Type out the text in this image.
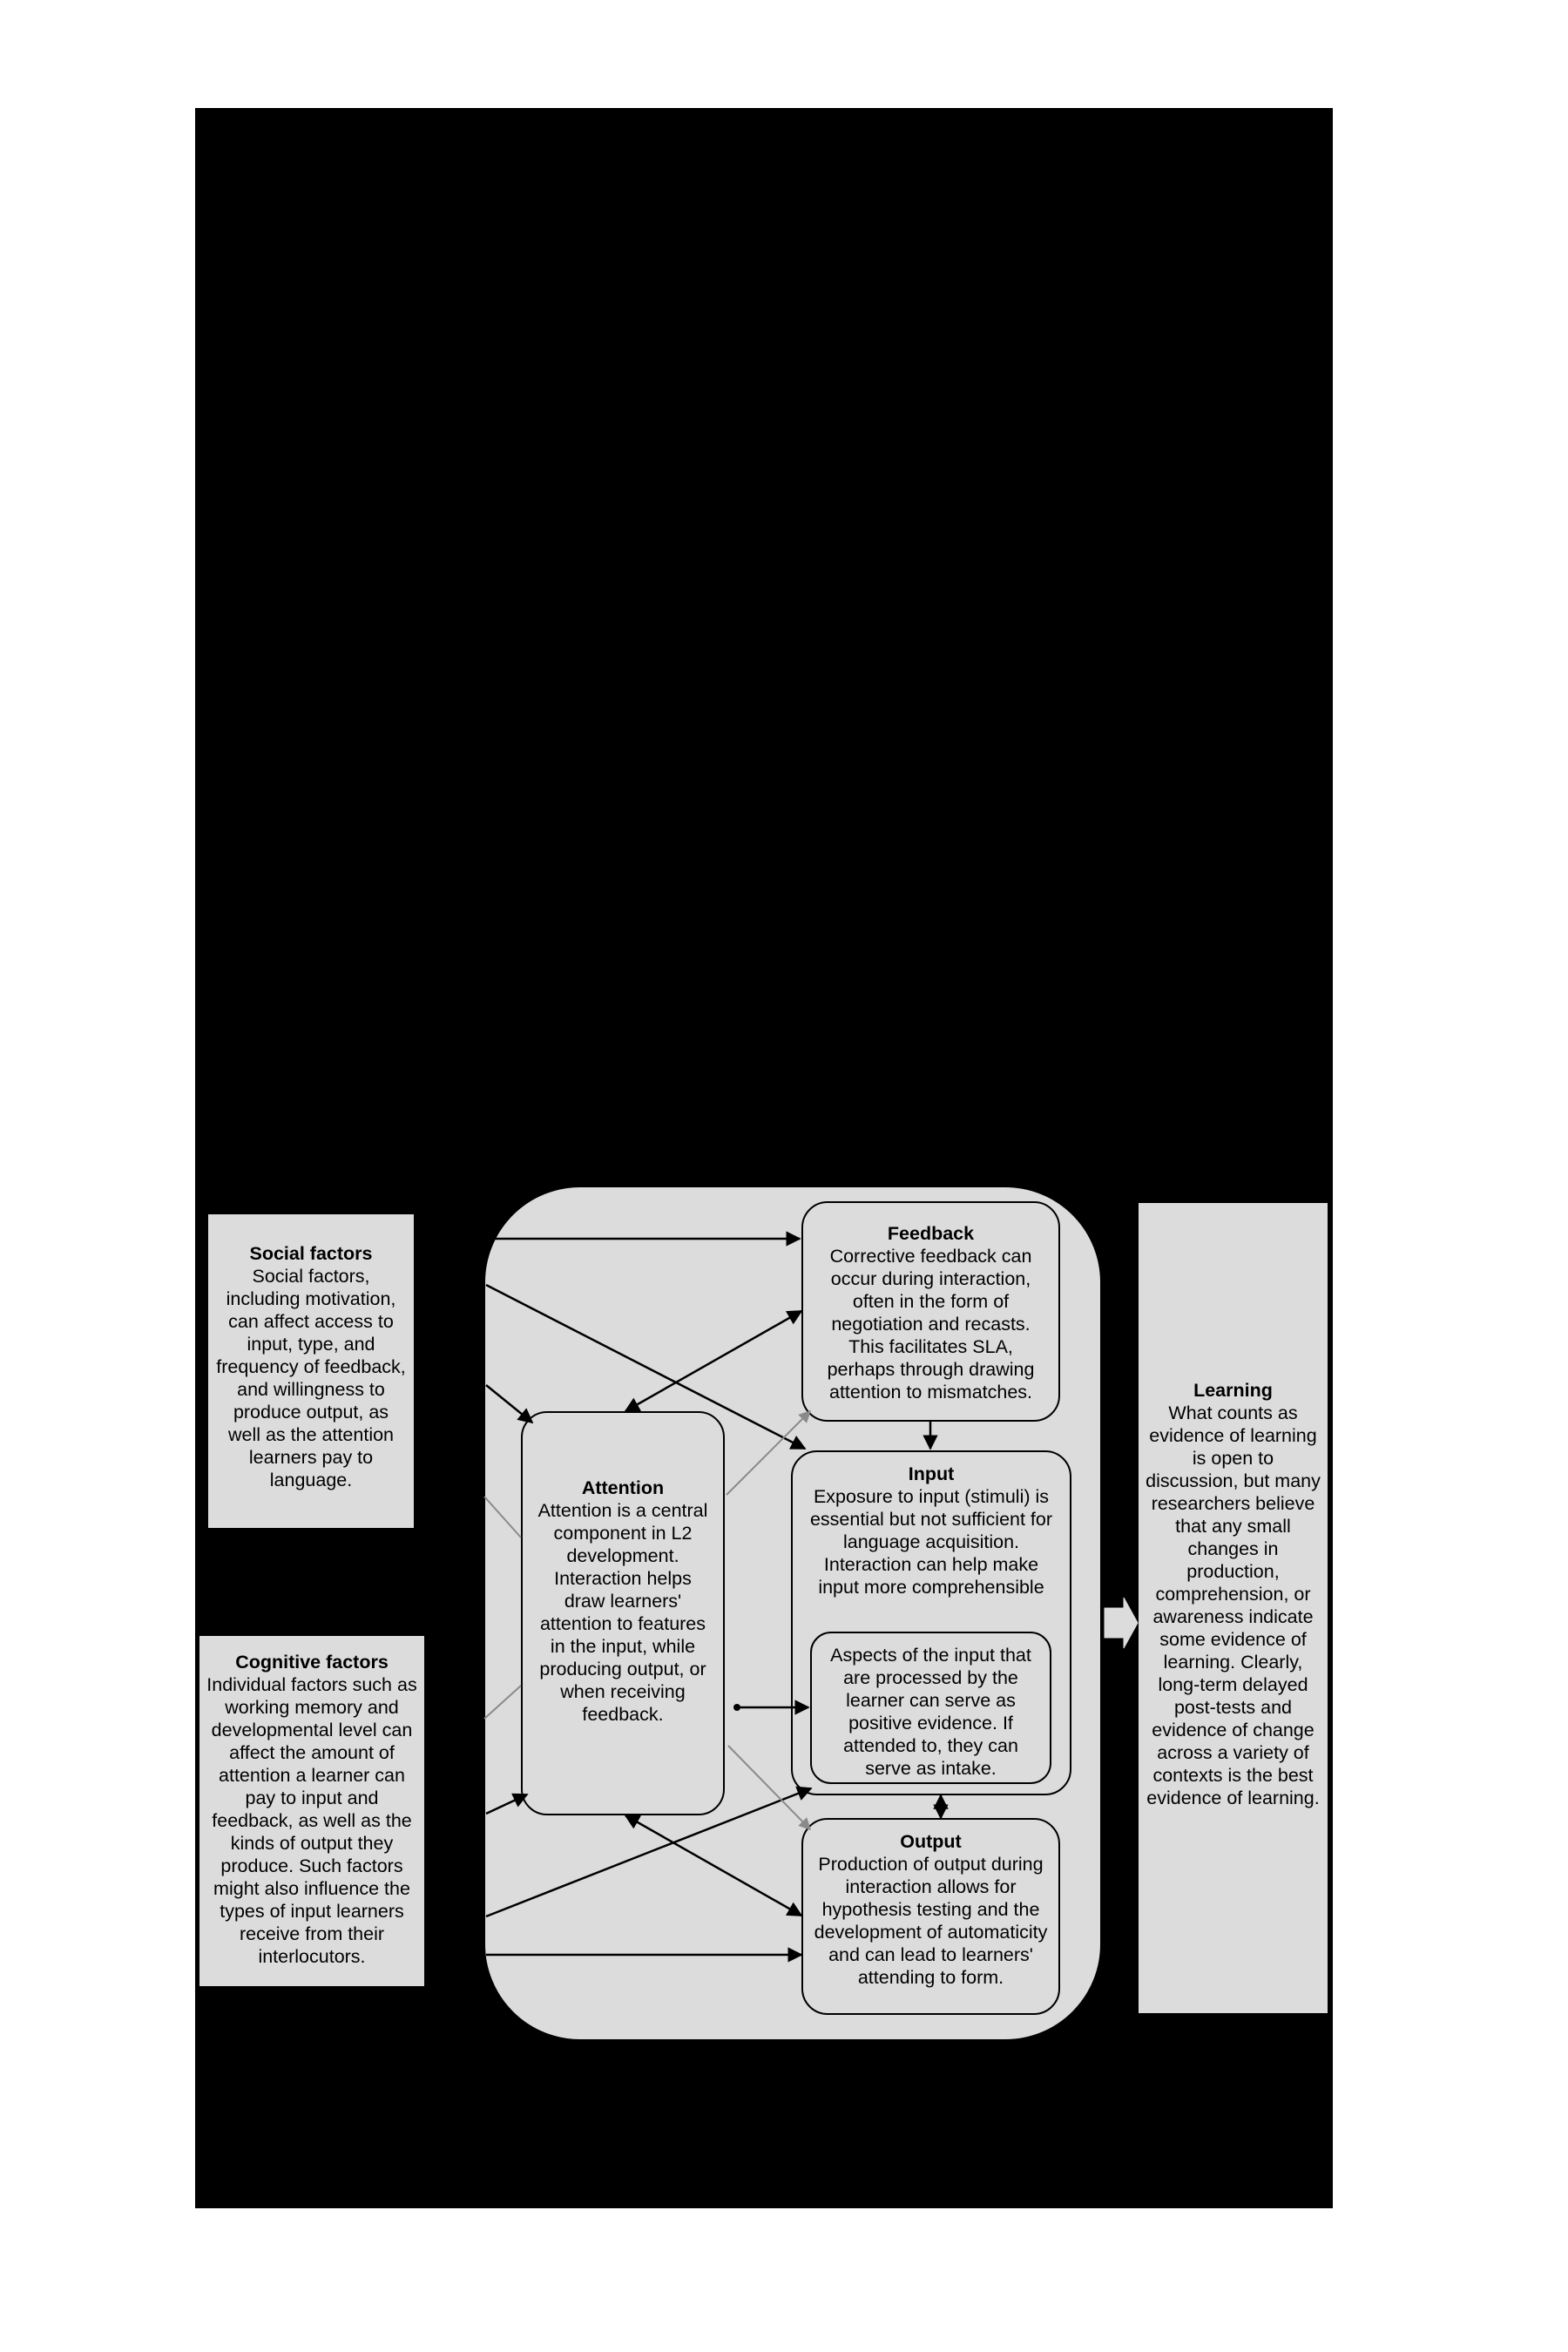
Social factors
Social factors, including motivation, can affect access to input, type, and frequency of feedback, and willingness to produce output, as well as the attention learners pay to language.
Cognitive factors
Individual factors such as working memory and developmental level can affect the amount of attention a learner can pay to input and feedback, as well as the kinds of output they produce. Such factors might also influence the types of input learners receive from their interlocutors.
Feedback
Corrective feedback can occur during interaction, often in the form of negotiation and recasts. This facilitates SLA, perhaps through drawing attention to mismatches.
Attention
Attention is a central component in L2 development. Interaction helps draw learners' attention to features in the input, while producing output, or when receiving feedback.
Input
Exposure to input (stimuli) is essential but not sufficient for language acquisition. Interaction can help make input more comprehensible
Aspects of the input that are processed by the learner can serve as positive evidence. If attended to, they can serve as intake.
Output
Production of output during interaction allows for hypothesis testing and the development of automaticity and can lead to learners' attending to form.
Learning
What counts as evidence of learning is open to discussion, but many researchers believe that any small changes in production, comprehension, or awareness indicate some evidence of learning. Clearly, long-term delayed post-tests and evidence of change across a variety of contexts is the best evidence of learning.
